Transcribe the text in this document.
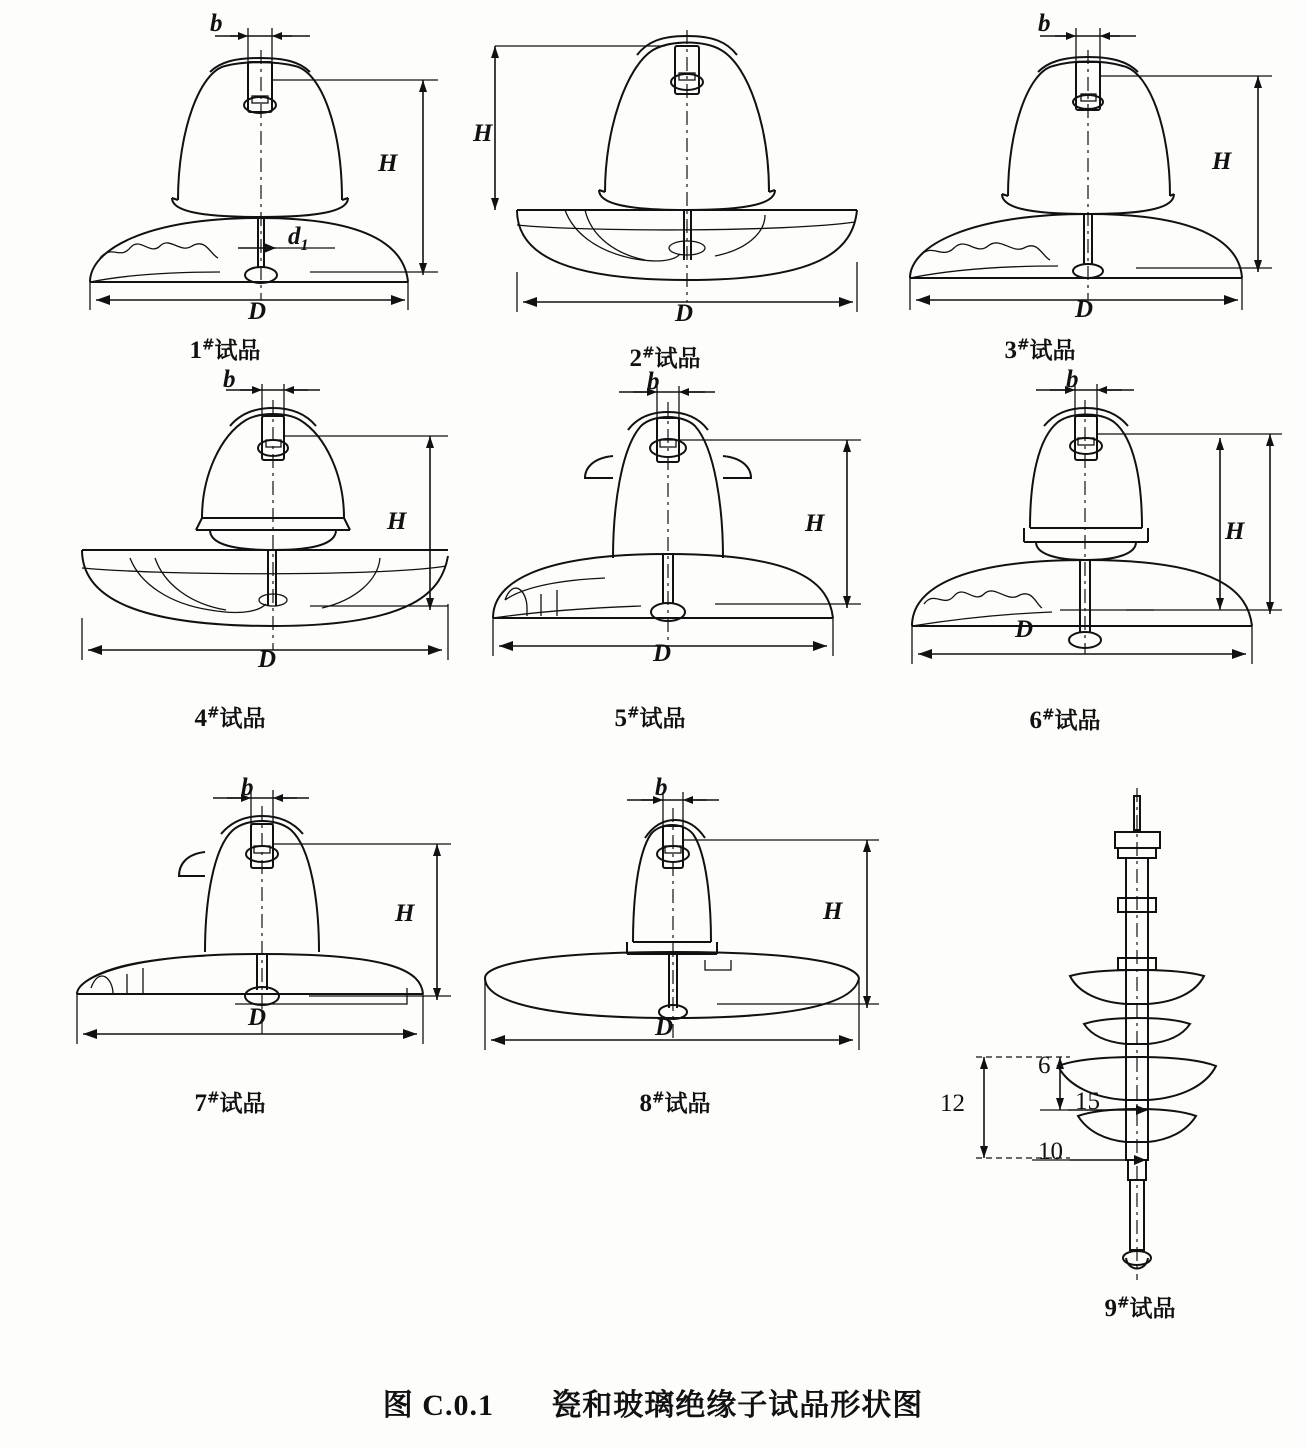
b
H
D
$d_1$
1#试品
H
D
2#试品
b
H
D
3#试品
b
H
D
4#试品
b
H
D
5#试品
b
H
D
6#试品
b
H
D
7#试品
b
H
D
8#试品	12
6
15
10
9#试品
图 C.0.1 瓷和玻璃绝缘子试品形状图
